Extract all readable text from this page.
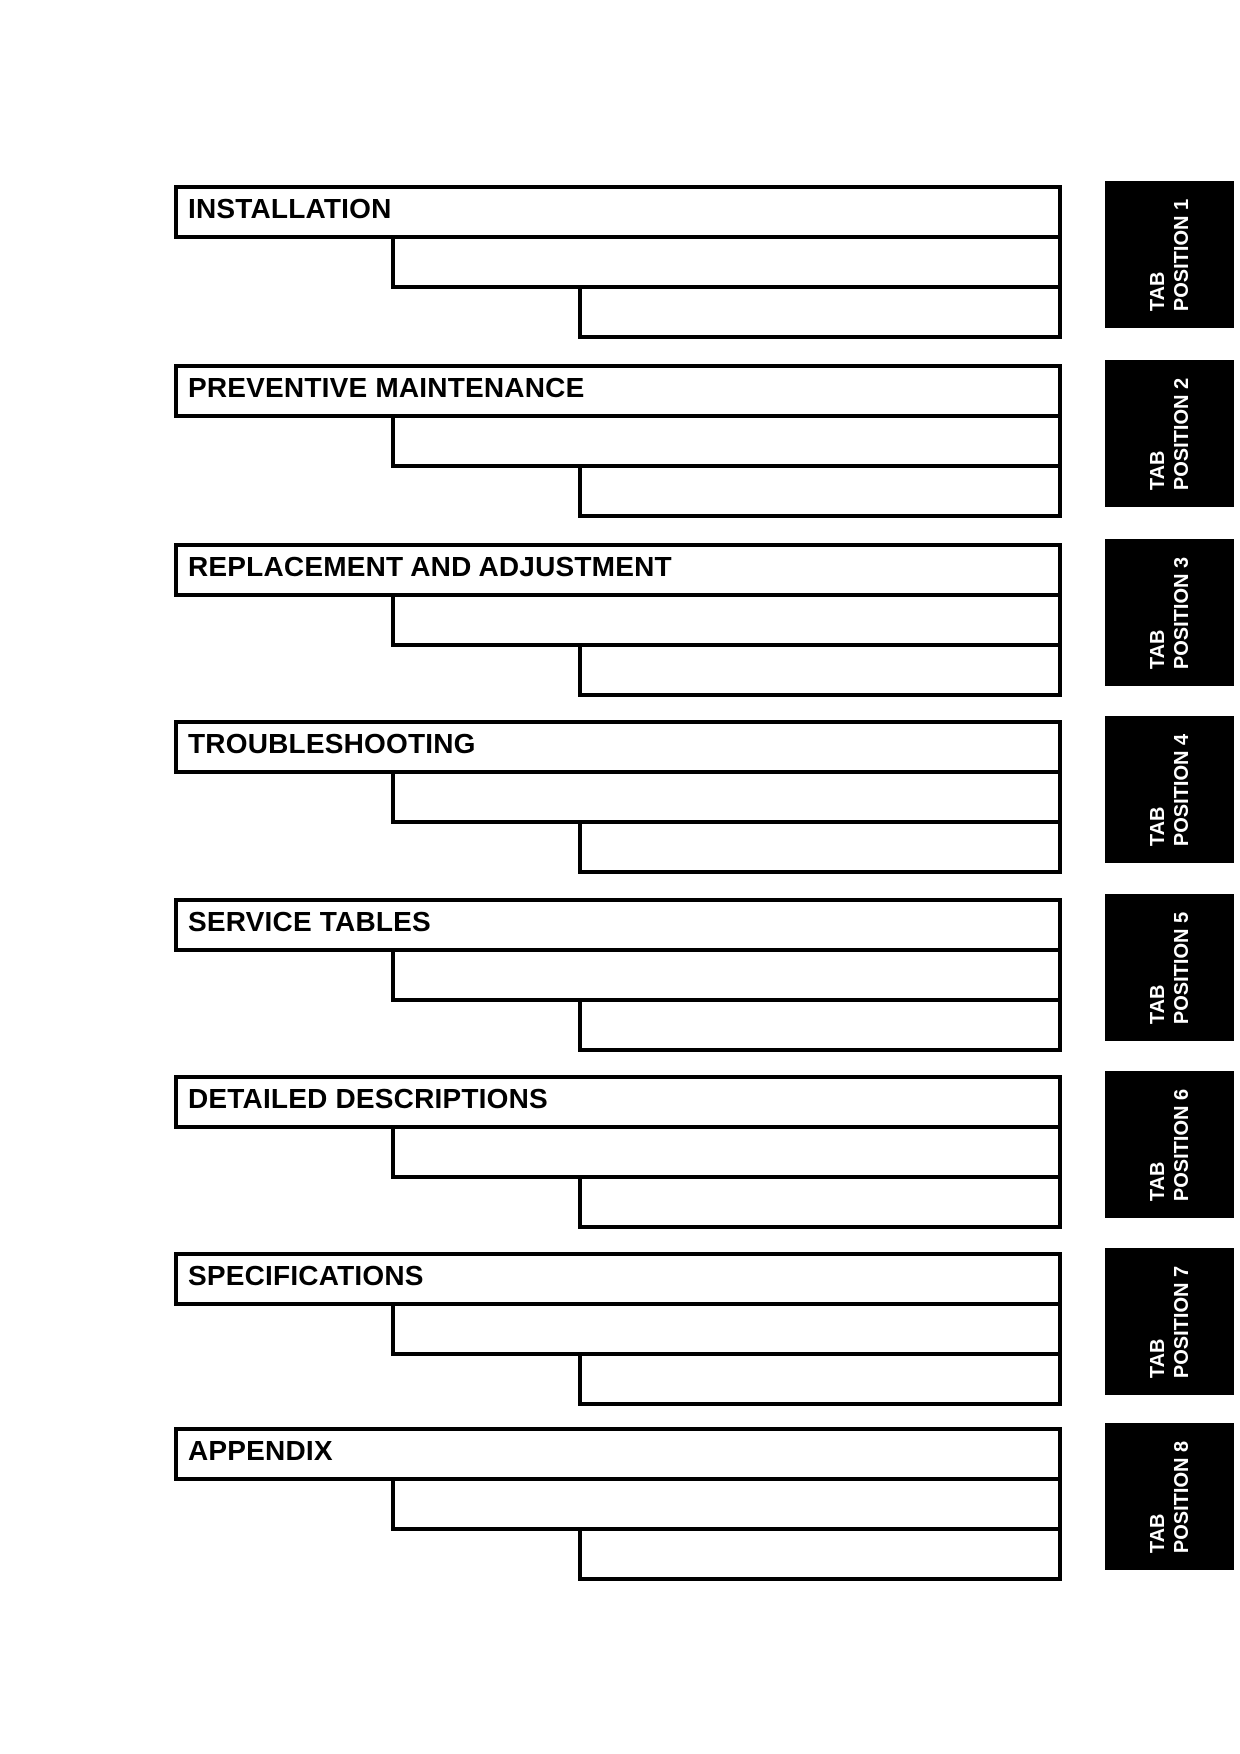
INSTALLATION
TAB POSITION 1
PREVENTIVE MAINTENANCE
TAB POSITION 2
REPLACEMENT AND ADJUSTMENT
TAB POSITION 3
TROUBLESHOOTING
TAB POSITION 4
SERVICE TABLES
TAB POSITION 5
DETAILED DESCRIPTIONS
TAB POSITION 6
SPECIFICATIONS
TAB POSITION 7
APPENDIX
TAB POSITION 8
